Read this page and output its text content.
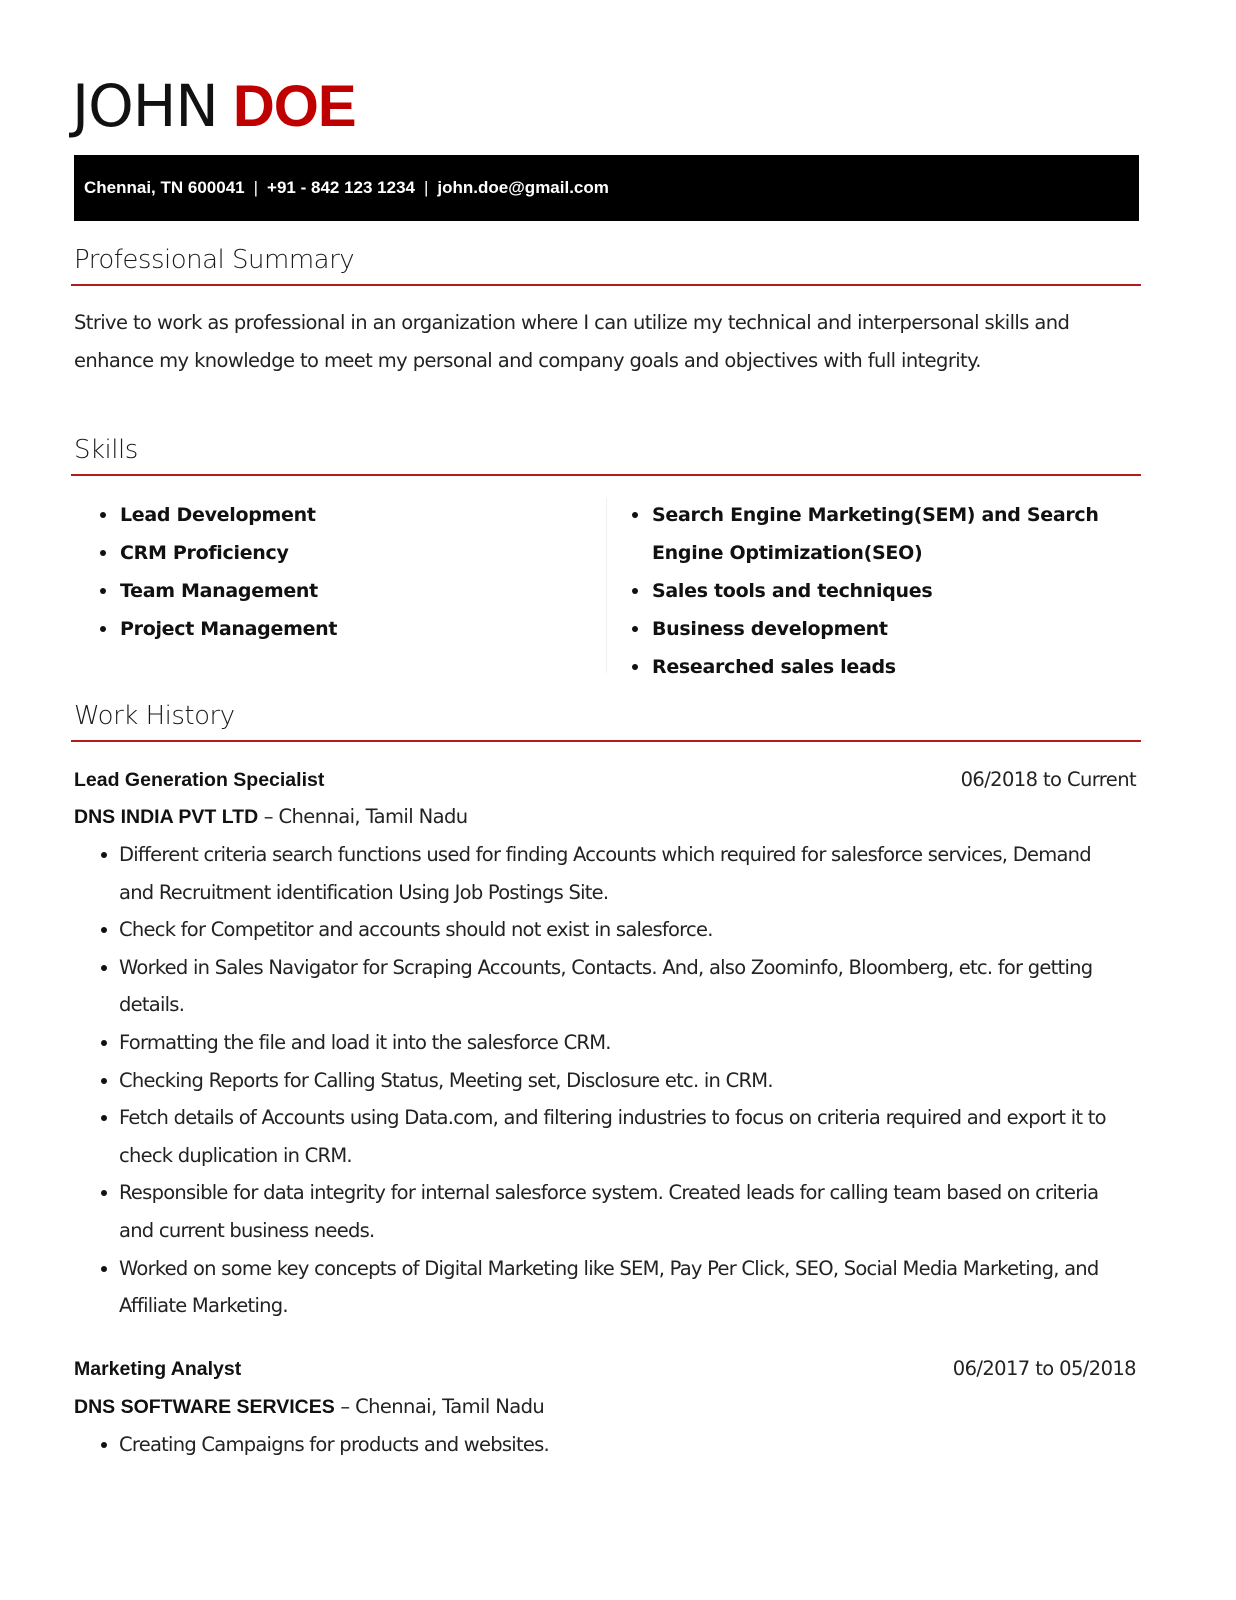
JOHN DOE
Chennai, TN 600041 | +91 - 842 123 1234 | john.doe@gmail.com
Professional Summary
Strive to work as professional in an organization where I can utilize my technical and interpersonal skills and enhance my knowledge to meet my personal and company goals and objectives with full integrity.
Skills
Lead Development
CRM Proficiency
Team Management
Project Management
Search Engine Marketing(SEM) and Search Engine Optimization(SEO)
Sales tools and techniques
Business development
Researched sales leads
Work History
Lead Generation Specialist	06/2018 to Current
DNS INDIA PVT LTD – Chennai, Tamil Nadu
Different criteria search functions used for finding Accounts which required for salesforce services, Demand and Recruitment identification Using Job Postings Site.
Check for Competitor and accounts should not exist in salesforce.
Worked in Sales Navigator for Scraping Accounts, Contacts. And, also Zoominfo, Bloomberg, etc. for getting details.
Formatting the file and load it into the salesforce CRM.
Checking Reports for Calling Status, Meeting set, Disclosure etc. in CRM.
Fetch details of Accounts using Data.com, and filtering industries to focus on criteria required and export it to check duplication in CRM.
Responsible for data integrity for internal salesforce system. Created leads for calling team based on criteria and current business needs.
Worked on some key concepts of Digital Marketing like SEM, Pay Per Click, SEO, Social Media Marketing, and Affiliate Marketing.
Marketing Analyst	06/2017 to 05/2018
DNS SOFTWARE SERVICES – Chennai, Tamil Nadu
Creating Campaigns for products and websites.
